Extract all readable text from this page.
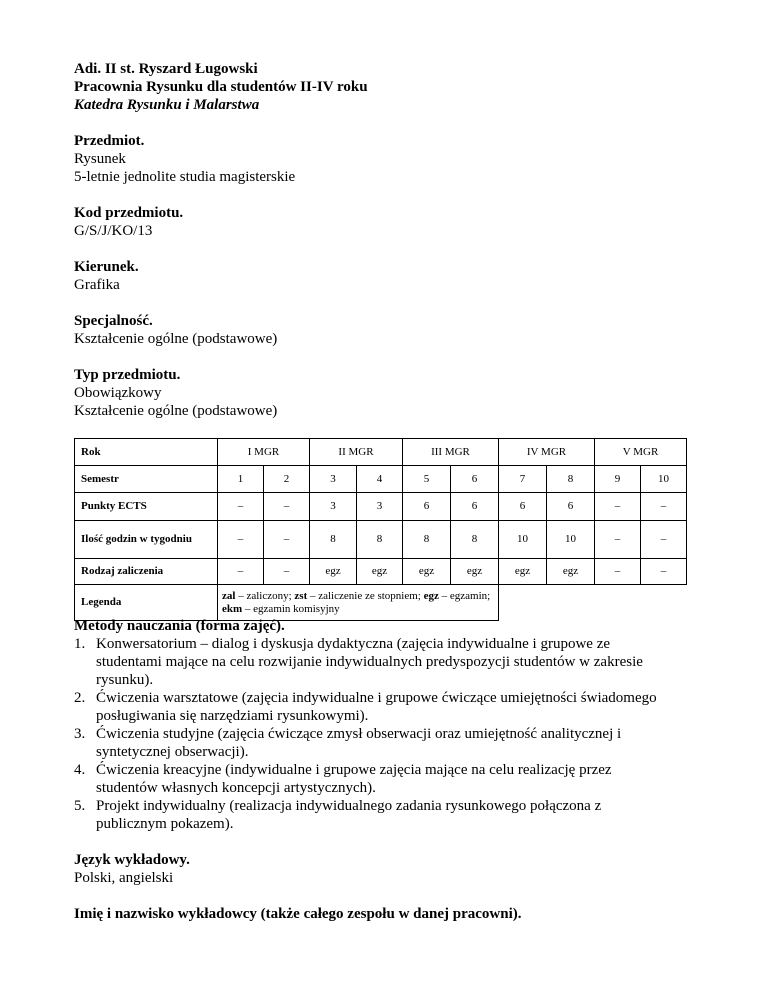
Adi. II st. Ryszard Ługowski
Pracownia Rysunku dla studentów II-IV roku
Katedra Rysunku i Malarstwa
Przedmiot.
Rysunek
5-letnie jednolite studia magisterskie
Kod przedmiotu.
G/S/J/KO/13
Kierunek.
Grafika
Specjalność.
Kształcenie ogólne (podstawowe)
Typ przedmiotu.
Obowiązkowy
Kształcenie ogólne (podstawowe)
Rok	I MGR		II MGR		III MGR		IV MGR		V MGR	
Semestr	1	2	3	4	5	6	7	8	9	10
Punkty ECTS	–	–	3	3	6	6	6	6	–	–
Ilość godzin w tygodniu	–	–	8	8	8	8	10	10	–	–
Rodzaj zaliczenia	–	–	egz	egz	egz	egz	egz	egz	–	–
Legenda	zal – zaliczony; zst – zaliczenie ze stopniem; egz – egzamin; ekm – egzamin komisyjny									
Metody nauczania (forma zajęć).
1. Konwersatorium – dialog i dyskusja dydaktyczna (zajęcia indywidualne i grupowe ze
studentami mające na celu rozwijanie indywidualnych predyspozycji studentów w zakresie
rysunku).
2. Ćwiczenia warsztatowe (zajęcia indywidualne i grupowe ćwiczące umiejętności świadomego
posługiwania się narzędziami rysunkowymi).
3. Ćwiczenia studyjne (zajęcia ćwiczące zmysł obserwacji oraz umiejętność analitycznej i
syntetycznej obserwacji).
4. Ćwiczenia kreacyjne (indywidualne i grupowe zajęcia mające na celu realizację przez
studentów własnych koncepcji artystycznych).
5. Projekt indywidualny (realizacja indywidualnego zadania rysunkowego połączona z
publicznym pokazem).
Język wykładowy.
Polski, angielski
Imię i nazwisko wykładowcy (także całego zespołu w danej pracowni).
